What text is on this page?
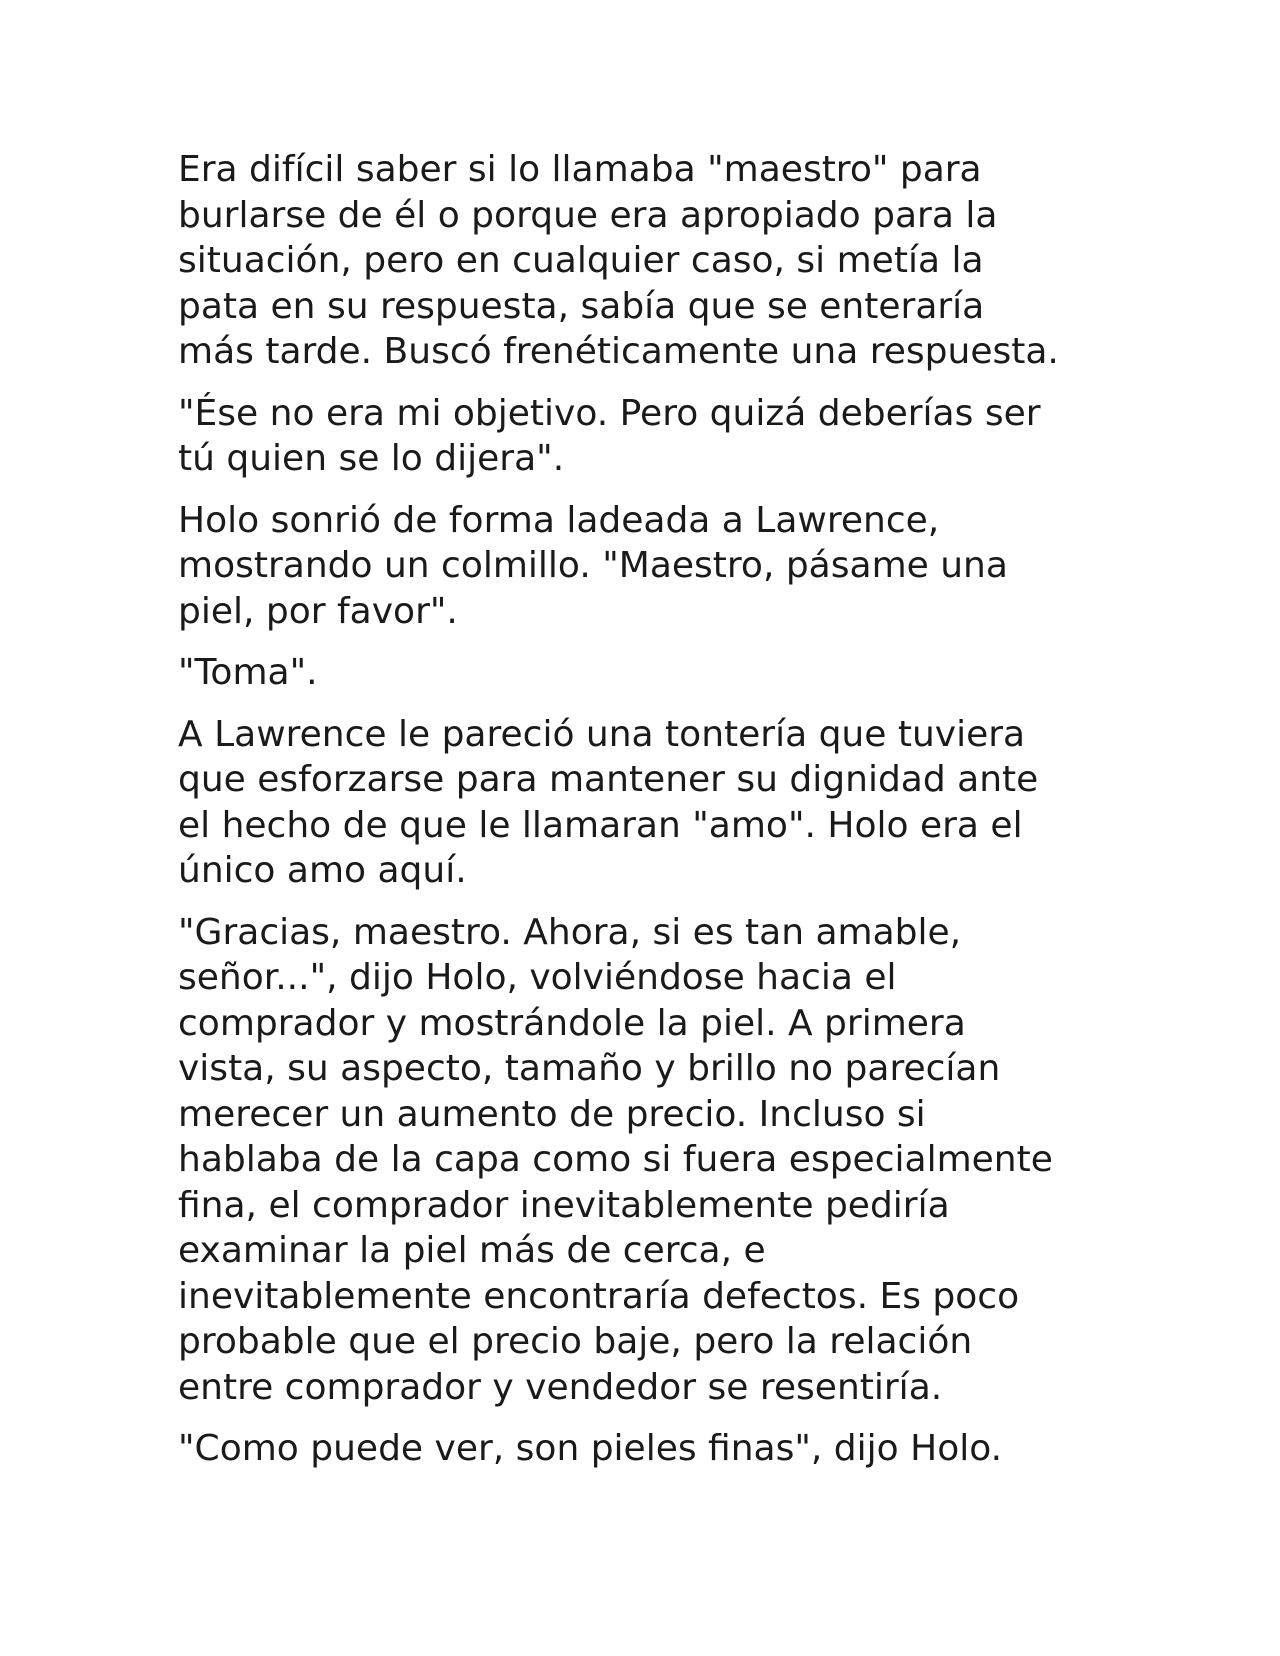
Era difícil saber si lo llamaba "maestro" para
burlarse de él o porque era apropiado para la
situación, pero en cualquier caso, si metía la
pata en su respuesta, sabía que se enteraría
más tarde. Buscó frenéticamente una respuesta.

"Ése no era mi objetivo. Pero quizá deberías ser
tú quien se lo dijera".

Holo sonrió de forma ladeada a Lawrence,
mostrando un colmillo. "Maestro, pásame una
piel, por favor".

"Toma".

A Lawrence le pareció una tontería que tuviera
que esforzarse para mantener su dignidad ante
el hecho de que le llamaran "amo". Holo era el
único amo aquí.

"Gracias, maestro. Ahora, si es tan amable,
señor...", dijo Holo, volviéndose hacia el
comprador y mostrándole la piel. A primera
vista, su aspecto, tamaño y brillo no parecían
merecer un aumento de precio. Incluso si
hablaba de la capa como si fuera especialmente
fina, el comprador inevitablemente pediría
examinar la piel más de cerca, e
inevitablemente encontraría defectos. Es poco
probable que el precio baje, pero la relación
entre comprador y vendedor se resentiría.

"Como puede ver, son pieles finas", dijo Holo.
